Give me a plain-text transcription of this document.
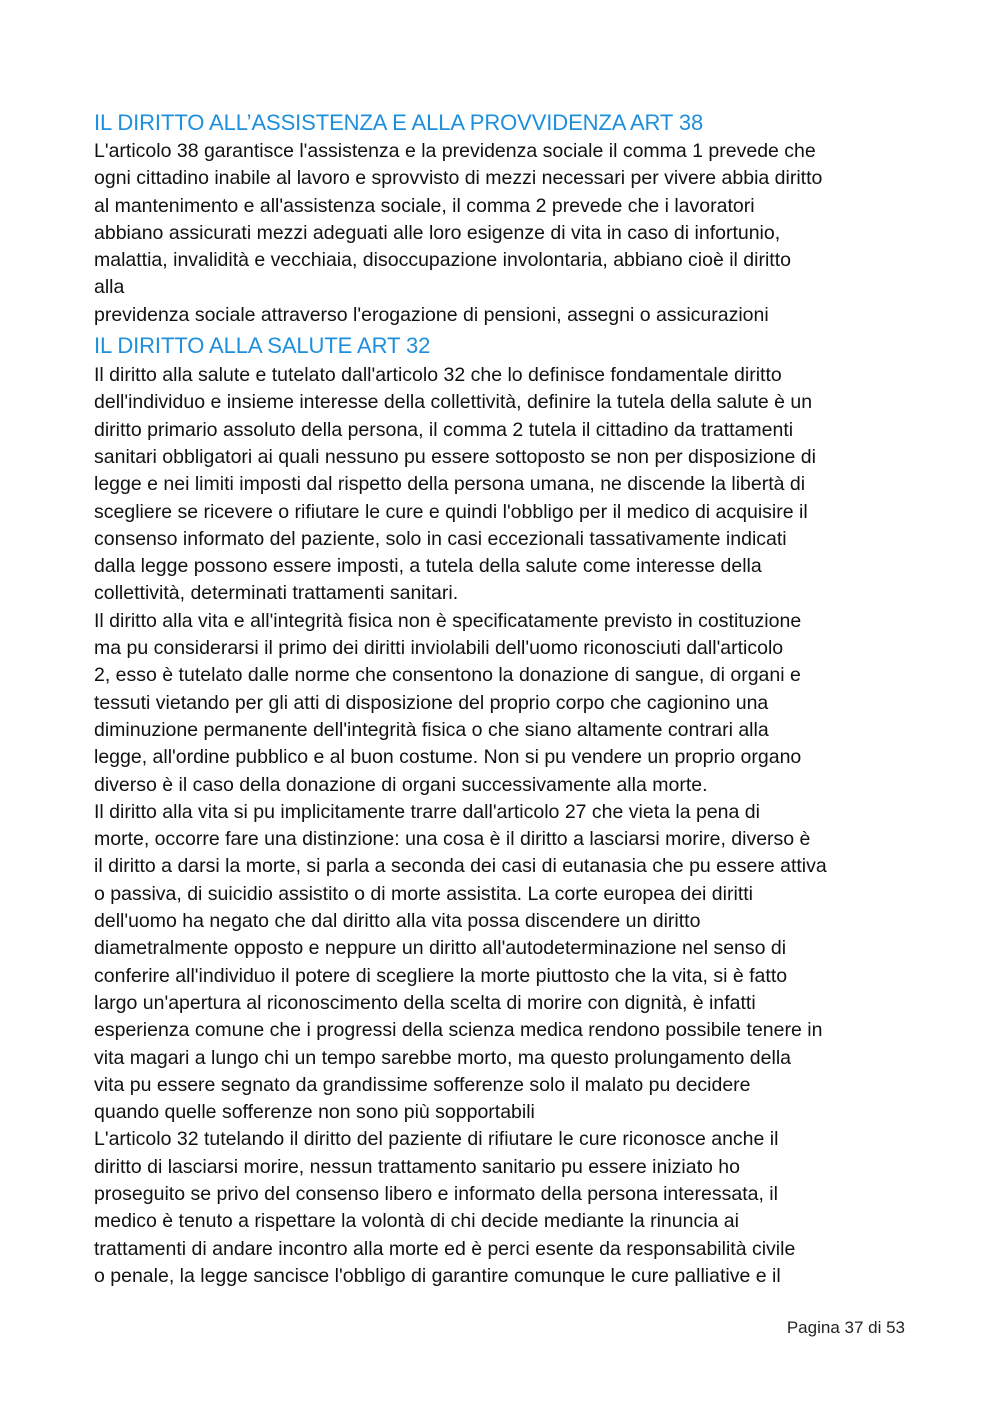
IL DIRITTO ALL’ASSISTENZA E ALLA PROVVIDENZA ART 38
L'articolo 38 garantisce l'assistenza e la previdenza sociale il comma 1 prevede che
ogni cittadino inabile al lavoro e sprovvisto di mezzi necessari per vivere abbia diritto
al mantenimento e all'assistenza sociale, il comma 2 prevede che i lavoratori
abbiano assicurati mezzi adeguati alle loro esigenze di vita in caso di infortunio,
malattia, invalidità e vecchiaia, disoccupazione involontaria, abbiano cioè il diritto
alla
previdenza sociale attraverso l'erogazione di pensioni, assegni o assicurazioni
IL DIRITTO ALLA SALUTE ART 32
Il diritto alla salute e tutelato dall'articolo 32 che lo definisce fondamentale diritto
dell'individuo e insieme interesse della collettività, definire la tutela della salute è un
diritto primario assoluto della persona, il comma 2 tutela il cittadino da trattamenti
sanitari obbligatori ai quali nessuno pu essere sottoposto se non per disposizione di
legge e nei limiti imposti dal rispetto della persona umana, ne discende la libertà di
scegliere se ricevere o rifiutare le cure e quindi l'obbligo per il medico di acquisire il
consenso informato del paziente, solo in casi eccezionali tassativamente indicati
dalla legge possono essere imposti, a tutela della salute come interesse della
collettività, determinati trattamenti sanitari.
Il diritto alla vita e all'integrità fisica non è specificatamente previsto in costituzione
ma pu considerarsi il primo dei diritti inviolabili dell'uomo riconosciuti dall'articolo
2, esso è tutelato dalle norme che consentono la donazione di sangue, di organi e
tessuti vietando per gli atti di disposizione del proprio corpo che cagionino una
diminuzione permanente dell'integrità fisica o che siano altamente contrari alla
legge, all'ordine pubblico e al buon costume. Non si pu vendere un proprio organo
diverso è il caso della donazione di organi successivamente alla morte.
Il diritto alla vita si pu implicitamente trarre dall'articolo 27 che vieta la pena di
morte, occorre fare una distinzione: una cosa è il diritto a lasciarsi morire, diverso è
il diritto a darsi la morte, si parla a seconda dei casi di eutanasia che pu essere attiva
o passiva, di suicidio assistito o di morte assistita. La corte europea dei diritti
dell'uomo ha negato che dal diritto alla vita possa discendere un diritto
diametralmente opposto e neppure un diritto all'autodeterminazione nel senso di
conferire all'individuo il potere di scegliere la morte piuttosto che la vita, si è fatto
largo un'apertura al riconoscimento della scelta di morire con dignità, è infatti
esperienza comune che i progressi della scienza medica rendono possibile tenere in
vita magari a lungo chi un tempo sarebbe morto, ma questo prolungamento della
vita pu essere segnato da grandissime sofferenze solo il malato pu decidere
quando quelle sofferenze non sono più sopportabili
L'articolo 32 tutelando il diritto del paziente di rifiutare le cure riconosce anche il
diritto di lasciarsi morire, nessun trattamento sanitario pu essere iniziato ho
proseguito se privo del consenso libero e informato della persona interessata, il
medico è tenuto a rispettare la volontà di chi decide mediante la rinuncia ai
trattamenti di andare incontro alla morte ed è perci esente da responsabilità civile
o penale, la legge sancisce l'obbligo di garantire comunque le cure palliative e il
Pagina 37 di 53
